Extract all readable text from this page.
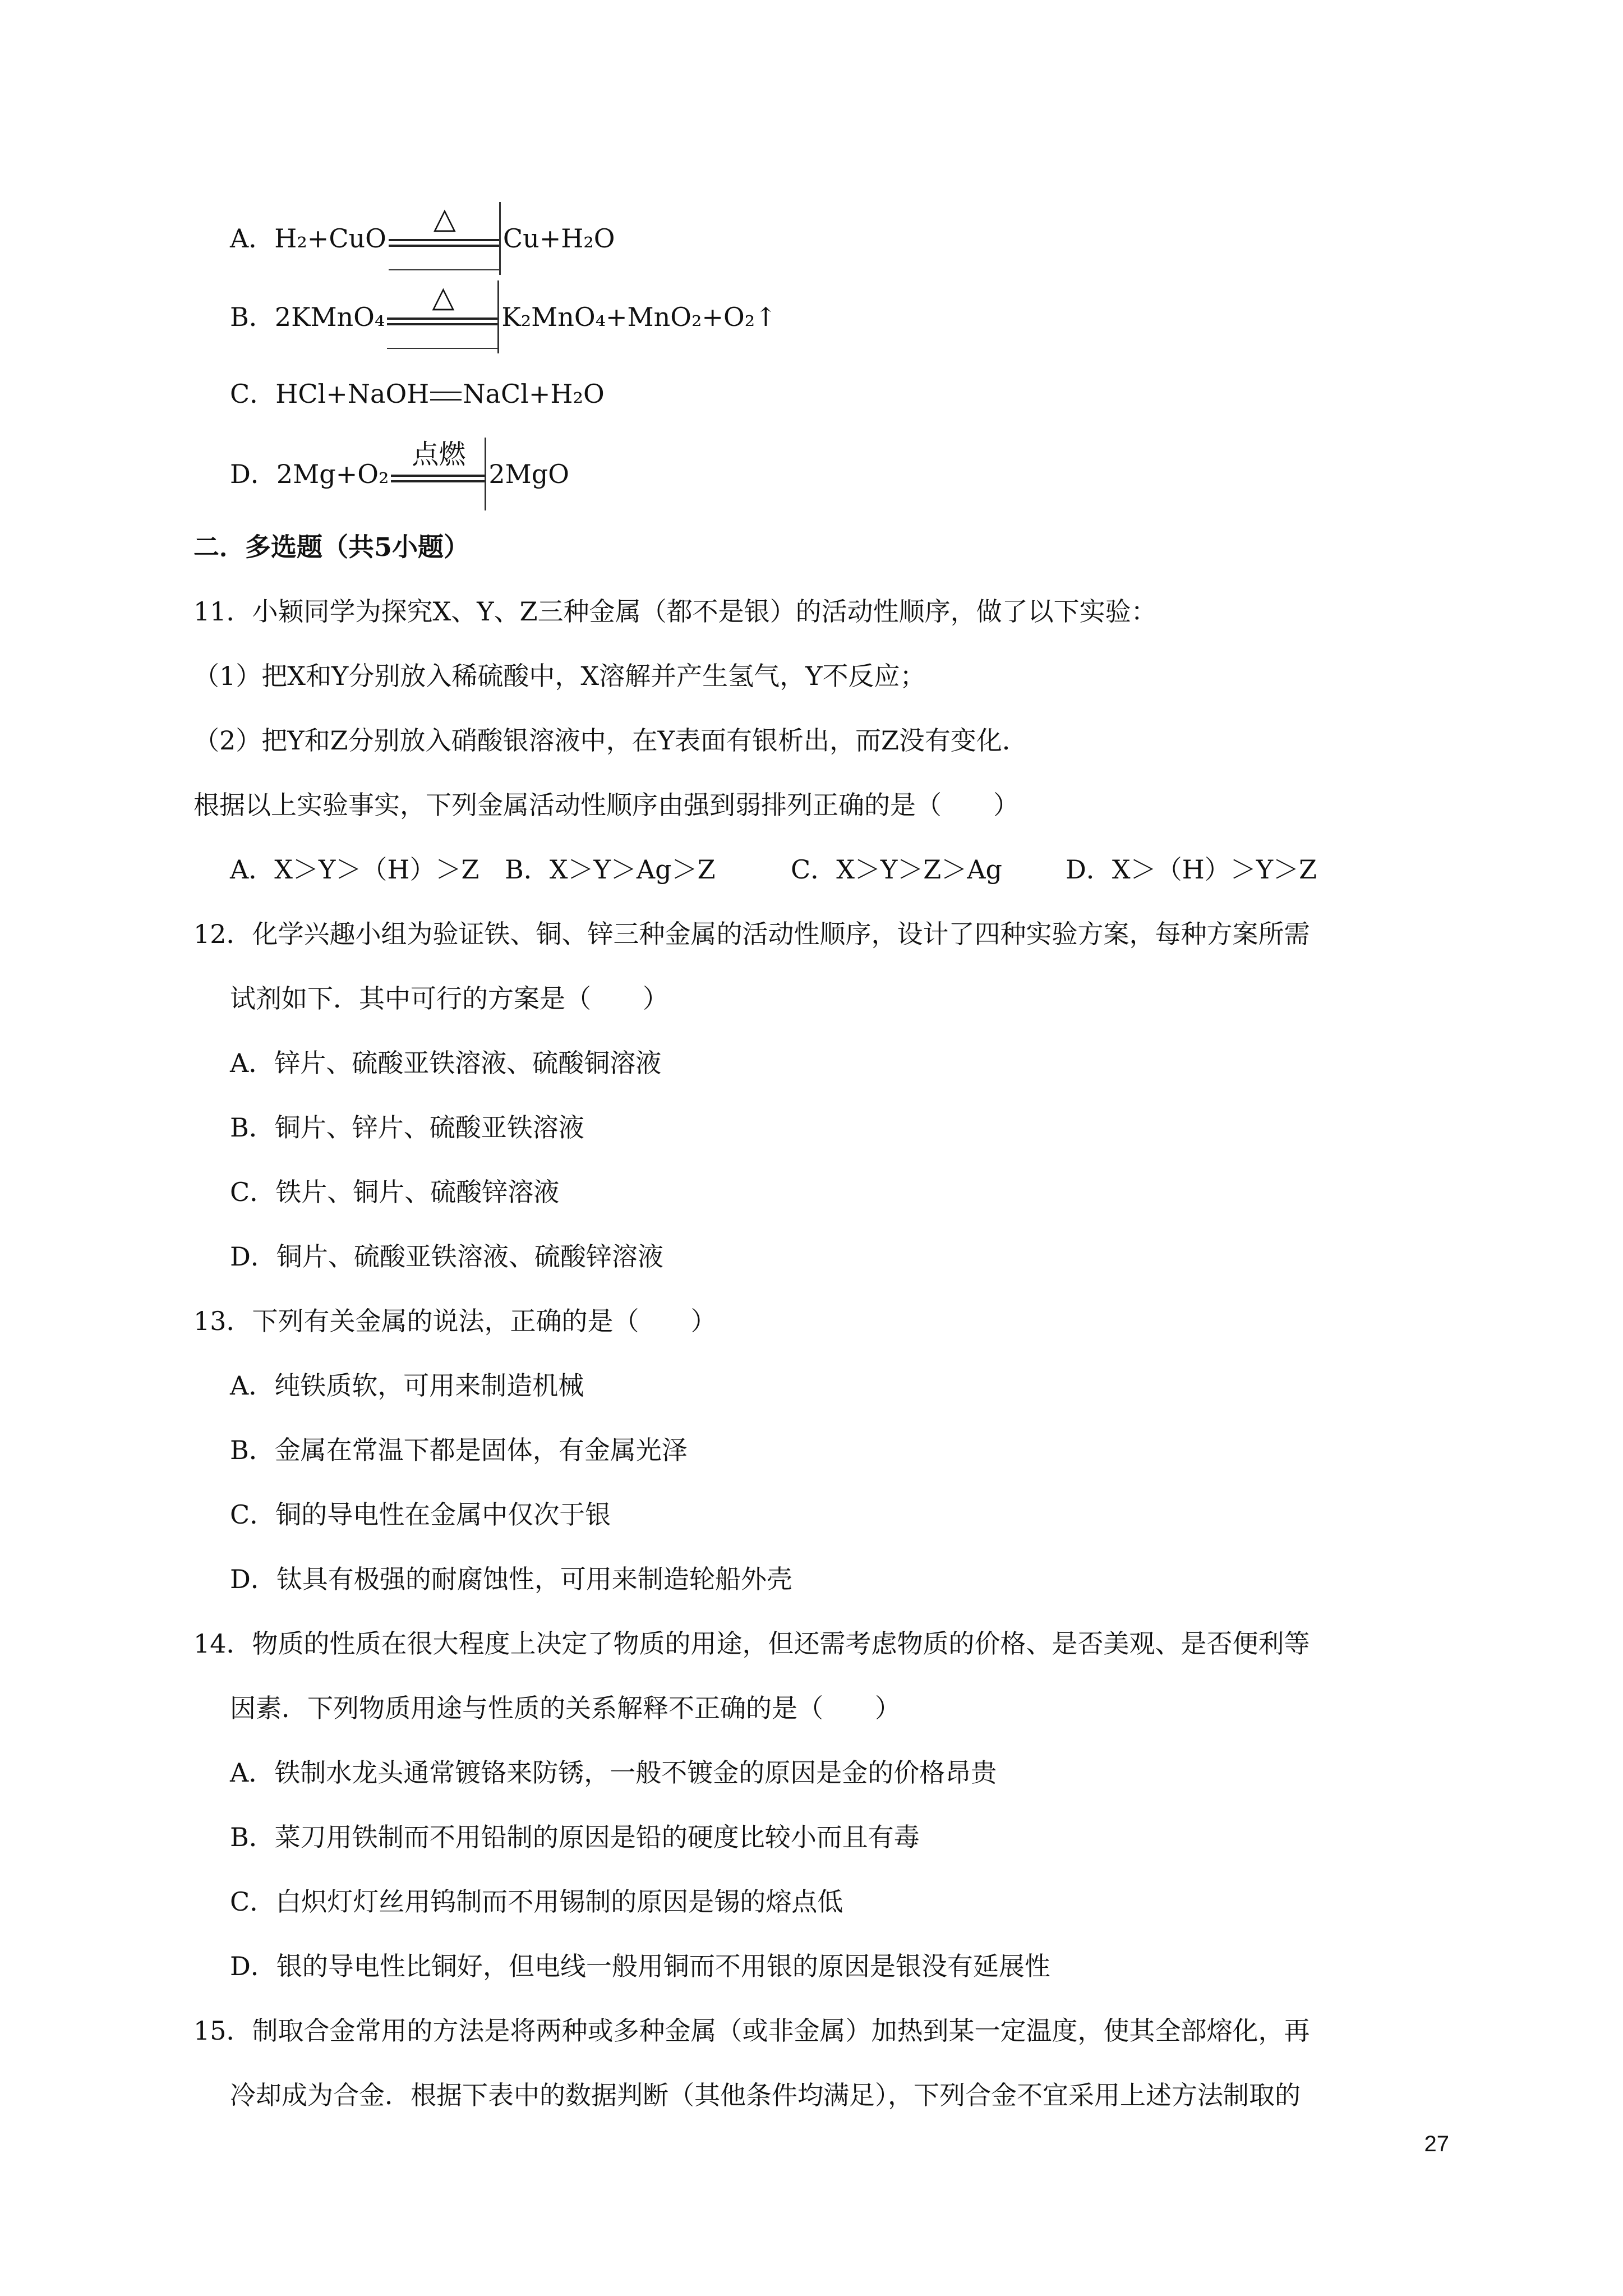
A． H₂+CuO
△
Cu+H₂O
B． 2KMnO₄
△
K₂MnO₄+MnO₂+O₂↑
C．HCl+NaOH NaCl+H₂O
D． 2Mg+O₂
点燃
2MgO
二．多选题（共5小题）
11．小颖同学为探究X、Y、Z三种金属（都不是银）的活动性顺序，做了以下实验：
（1）把X和Y分别放入稀硫酸中，X溶解并产生氢气，Y不反应；
（2）把Y和Z分别放入硝酸银溶液中，在Y表面有银析出，而Z没有变化．
根据以上实验事实，下列金属活动性顺序由强到弱排列正确的是（　　）
A．X＞Y＞（H）＞Z B．X＞Y＞Ag＞Z	C．X＞Y＞Z＞Ag D．X＞（H）＞Y＞Z
12．化学兴趣小组为验证铁、铜、锌三种金属的活动性顺序，设计了四种实验方案，每种方案所需
试剂如下．其中可行的方案是（　　）
A．锌片、硫酸亚铁溶液、硫酸铜溶液
B．铜片、锌片、硫酸亚铁溶液
C．铁片、铜片、硫酸锌溶液
D．铜片、硫酸亚铁溶液、硫酸锌溶液
13．下列有关金属的说法，正确的是（　　）
A．纯铁质软，可用来制造机械
B．金属在常温下都是固体，有金属光泽
C．铜的导电性在金属中仅次于银
D．钛具有极强的耐腐蚀性，可用来制造轮船外壳
14．物质的性质在很大程度上决定了物质的用途，但还需考虑物质的价格、是否美观、是否便利等
因素．下列物质用途与性质的关系解释不正确的是（　　）
A．铁制水龙头通常镀铬来防锈，一般不镀金的原因是金的价格昂贵
B．菜刀用铁制而不用铅制的原因是铅的硬度比较小而且有毒
C．白炽灯灯丝用钨制而不用锡制的原因是锡的熔点低
D．银的导电性比铜好，但电线一般用铜而不用银的原因是银没有延展性
15．制取合金常用的方法是将两种或多种金属（或非金属）加热到某一定温度，使其全部熔化，再
冷却成为合金．根据下表中的数据判断（其他条件均满足），下列合金不宜采用上述方法制取的
27
